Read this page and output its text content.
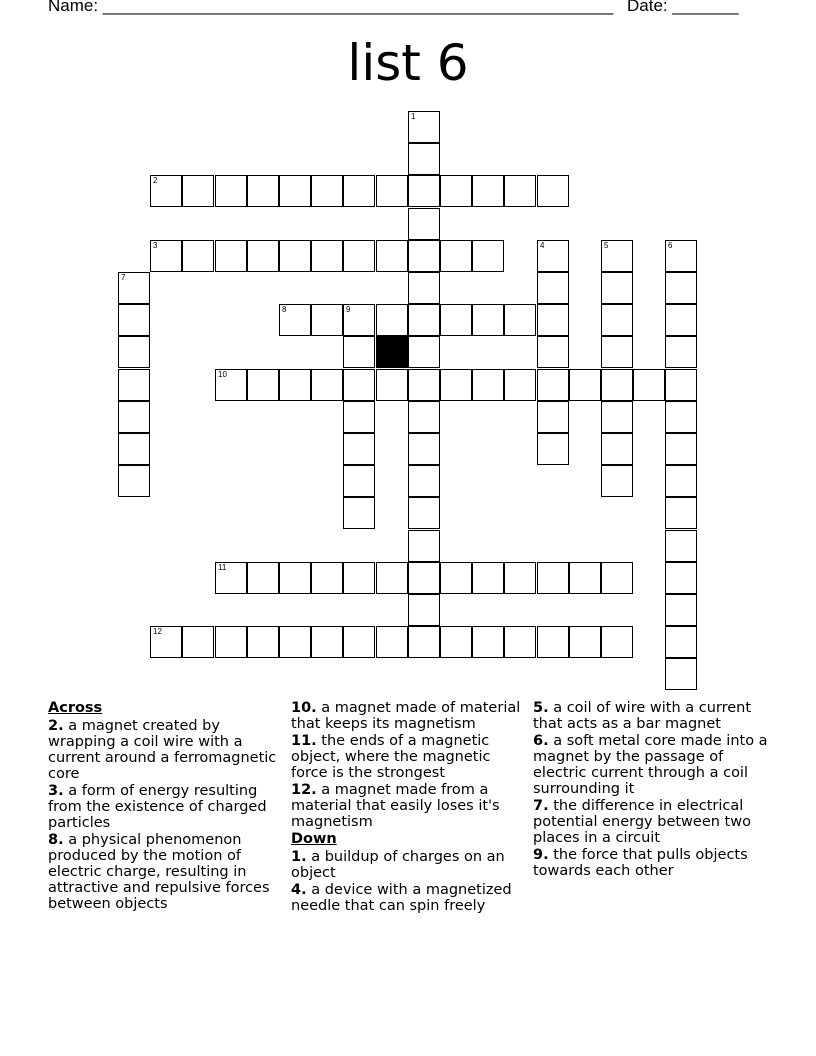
Name: ______________________________________________________ Date: _______
list 6
2
3
8	9
10
11
12
1
4	5	6
7
Across
2. a magnet created by wrapping a coil wire with a current around a ferromagnetic core
3. a form of energy resulting from the existence of charged particles
8. a physical phenomenon produced by the motion of electric charge, resulting in attractive and repulsive forces between objects
10. a magnet made of material that keeps its magnetism
11. the ends of a magnetic object, where the magnetic force is the strongest
12. a magnet made from a material that easily loses it's magnetism
Down
1. a buildup of charges on an object
4. a device with a magnetized needle that can spin freely
5. a coil of wire with a current that acts as a bar magnet
6. a soft metal core made into a magnet by the passage of electric current through a coil surrounding it
7. the difference in electrical potential energy between two places in a circuit
9. the force that pulls objects towards each other
